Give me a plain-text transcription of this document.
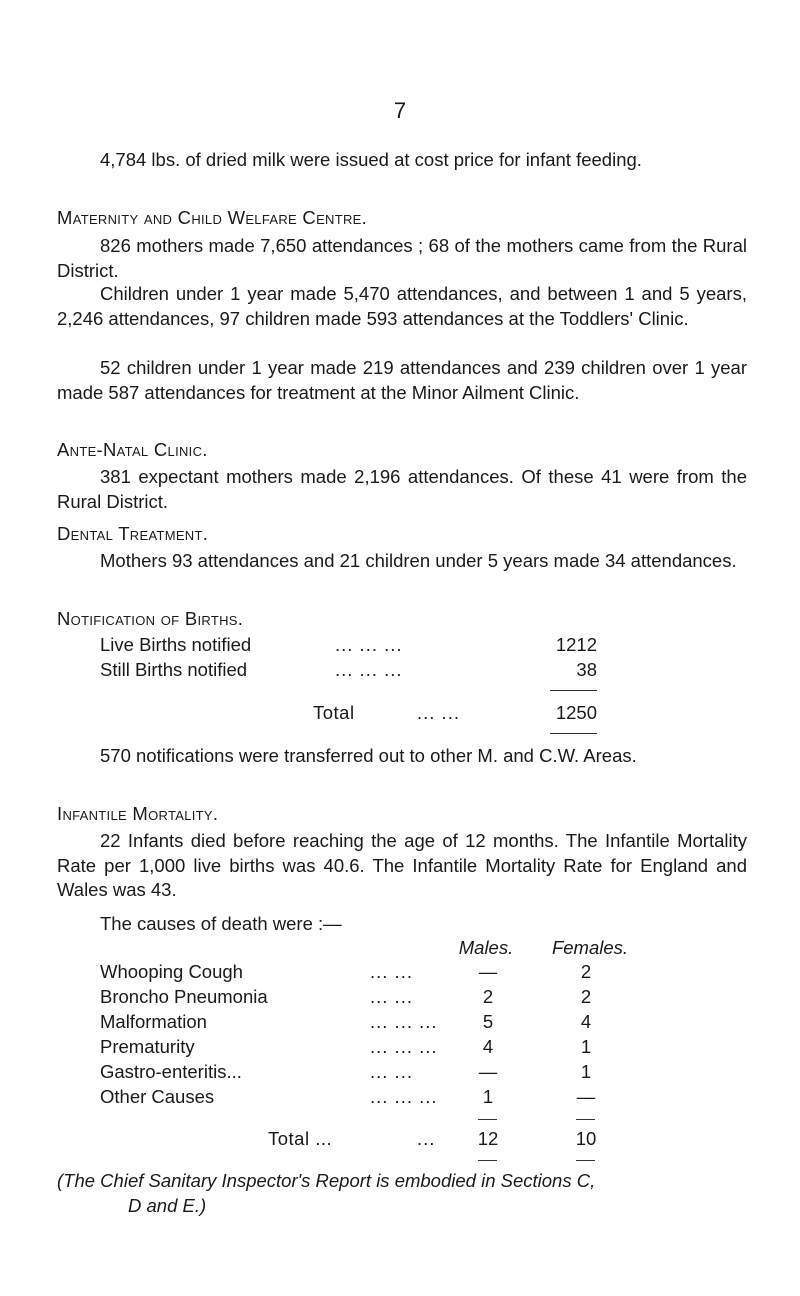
7

4,784 lbs. of dried milk were issued at cost price for infant feeding.

Maternity and Child Welfare Centre.

826 mothers made 7,650 attendances ; 68 of the mothers came from the Rural District.

Children under 1 year made 5,470 attendances, and between 1 and 5 years, 2,246 attendances, 97 children made 593 attendances at the Toddlers' Clinic.

52 children under 1 year made 219 attendances and 239 children over 1 year made 587 attendances for treatment at the Minor Ailment Clinic.

Ante-Natal Clinic.

381 expectant mothers made 2,196 attendances. Of these 41 were from the Rural District.

Dental Treatment.

Mothers 93 attendances and 21 children under 5 years made 34 attendances.

Notification of Births.
Live Births notified	... ... ...	1212
Still Births notified	... ... ...	38
Total	... ...	1250

570 notifications were transferred out to other M. and C.W. Areas.

Infantile Mortality.

22 Infants died before reaching the age of 12 months. The Infantile Mortality Rate per 1,000 live births was 40.6. The Infantile Mortality Rate for England and Wales was 43.

The causes of death were :—
Males.	Females.
Whooping Cough	... ...	—	2
Broncho Pneumonia	... ...	2	2
Malformation	... ... ...	5	4
Prematurity	... ... ...	4	1
Gastro-enteritis...	... ...	—	1
Other Causes	... ... ...	1	—
Total ...	...	12	10
(The Chief Sanitary Inspector's Report is embodied in Sections C,
D and E.)
